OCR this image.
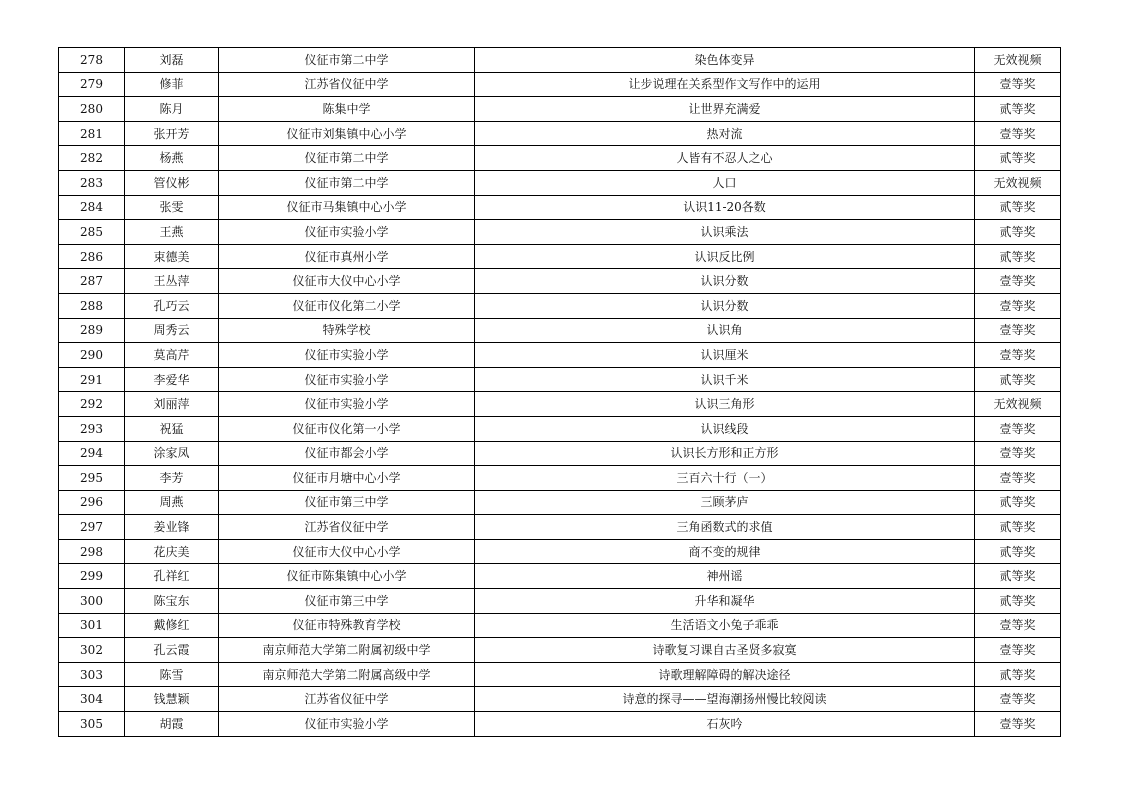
278	刘磊	仪征市第二中学	染色体变异	无效视频
279	修菲	江苏省仪征中学	让步说理在关系型作文写作中的运用	壹等奖
280	陈月	陈集中学	让世界充满爱	贰等奖
281	张开芳	仪征市刘集镇中心小学	热对流	壹等奖
282	杨燕	仪征市第二中学	人皆有不忍人之心	贰等奖
283	管仪彬	仪征市第二中学	人口	无效视频
284	张雯	仪征市马集镇中心小学	认识11-20各数	贰等奖
285	王燕	仪征市实验小学	认识乘法	贰等奖
286	束德美	仪征市真州小学	认识反比例	贰等奖
287	王丛萍	仪征市大仪中心小学	认识分数	壹等奖
288	孔巧云	仪征市仪化第二小学	认识分数	壹等奖
289	周秀云	特殊学校	认识角	壹等奖
290	莫高芹	仪征市实验小学	认识厘米	壹等奖
291	李爱华	仪征市实验小学	认识千米	贰等奖
292	刘丽萍	仪征市实验小学	认识三角形	无效视频
293	祝猛	仪征市仪化第一小学	认识线段	壹等奖
294	涂家凤	仪征市都会小学	认识长方形和正方形	壹等奖
295	李芳	仪征市月塘中心小学	三百六十行（一）	壹等奖
296	周燕	仪征市第三中学	三顾茅庐	贰等奖
297	姜业锋	江苏省仪征中学	三角函数式的求值	贰等奖
298	花庆美	仪征市大仪中心小学	商不变的规律	贰等奖
299	孔祥红	仪征市陈集镇中心小学	神州谣	贰等奖
300	陈宝东	仪征市第三中学	升华和凝华	贰等奖
301	戴修红	仪征市特殊教育学校	生活语文小兔子乖乖	壹等奖
302	孔云霞	南京师范大学第二附属初级中学	诗歌复习课自古圣贤多寂寞	壹等奖
303	陈雪	南京师范大学第二附属高级中学	诗歌理解障碍的解决途径	贰等奖
304	钱慧颖	江苏省仪征中学	诗意的探寻——望海潮扬州慢比较阅读	壹等奖
305	胡霞	仪征市实验小学	石灰吟	壹等奖
